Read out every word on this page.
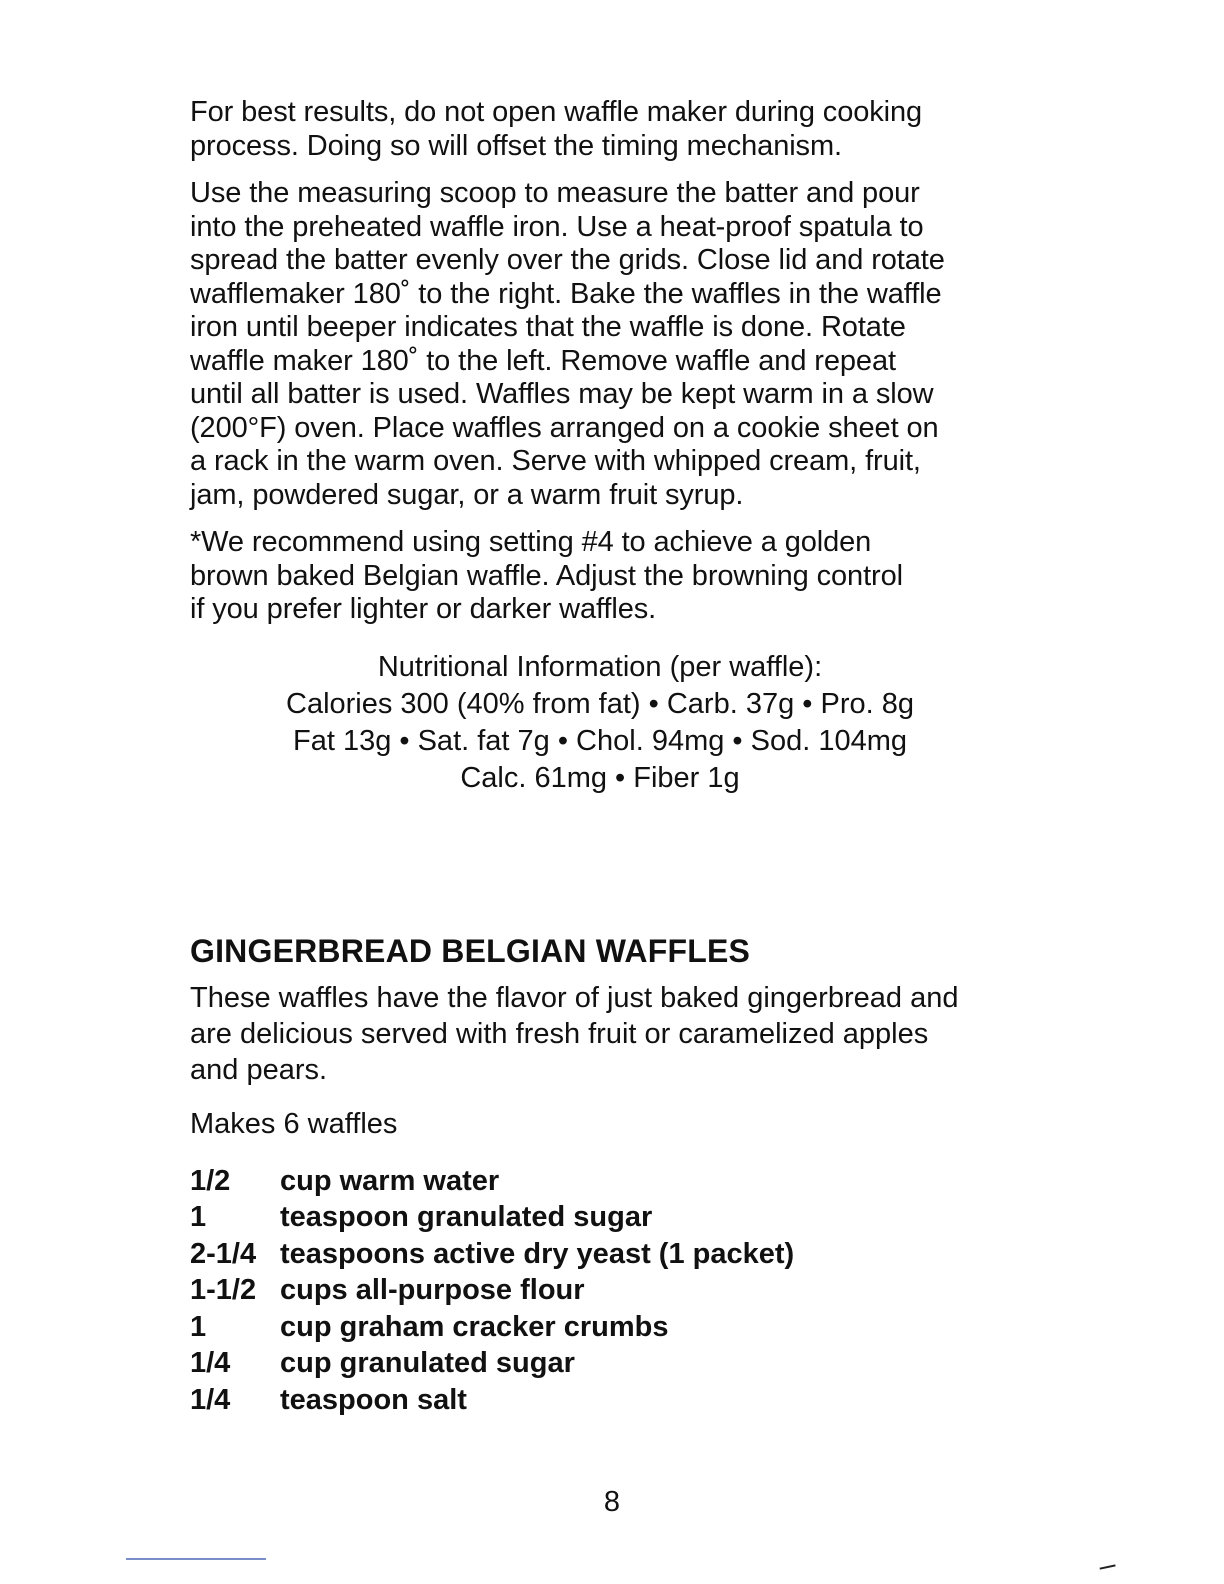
For best results, do not open waffle maker during cooking
process. Doing so will offset the timing mechanism.

Use the measuring scoop to measure the batter and pour
into the preheated waffle iron. Use a heat-proof spatula to
spread the batter evenly over the grids. Close lid and rotate
wafflemaker 180˚ to the right. Bake the waffles in the waffle
iron until beeper indicates that the waffle is done. Rotate
waffle maker 180˚ to the left. Remove waffle and repeat
until all batter is used. Waffles may be kept warm in a slow
(200°F) oven. Place waffles arranged on a cookie sheet on
a rack in the warm oven. Serve with whipped cream, fruit,
jam, powdered sugar, or a warm fruit syrup.

*We recommend using setting #4 to achieve a golden
brown baked Belgian waffle. Adjust the browning control
if you prefer lighter or darker waffles.

Nutritional Information (per waffle):
Calories 300 (40% from fat) • Carb. 37g • Pro. 8g
Fat 13g • Sat. fat 7g • Chol. 94mg • Sod. 104mg
Calc. 61mg • Fiber 1g
GINGERBREAD BELGIAN WAFFLES

These waffles have the flavor of just baked gingerbread and
are delicious served with fresh fruit or caramelized apples
and pears.

Makes 6 waffles
1/2	cup warm water
1	teaspoon granulated sugar
2-1/4 teaspoons active dry yeast (1 packet)
1-1/2 cups all-purpose flour
1	cup graham cracker crumbs
1/4	cup granulated sugar
1/4	teaspoon salt
8
